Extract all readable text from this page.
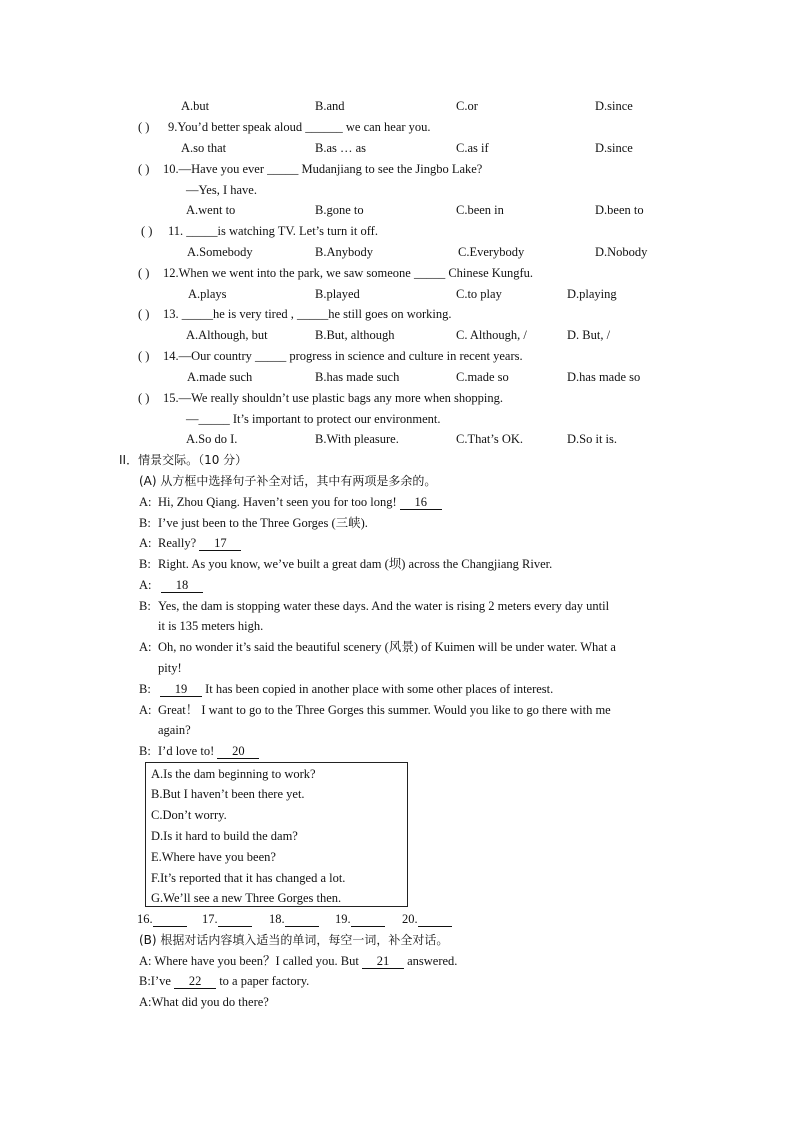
A.but	B.and	C.or	D.since
( ) 9.You’d better speak aloud ______ we can hear you.
A.so that	B.as … as	C.as if	D.since
( ) 10.—Have you ever _____ Mudanjiang to see the Jingbo Lake?
—Yes, I have.
A.went to	B.gone to	C.been in	D.been to
( ) 11. _____is watching TV. Let’s turn it off.
A.Somebody	B.Anybody	C.Everybody	D.Nobody
( ) 12.When we went into the park, we saw someone _____ Chinese Kungfu.
A.plays	B.played	C.to play	D.playing
( ) 13. _____he is very tired , _____he still goes on working.
A.Although, but	B.But, although	C. Although, /	D. But, /
( ) 14.—Our country _____ progress in science and culture in recent years.
A.made such	B.has made such	C.made so	D.has made so
( ) 15.—We really shouldn’t use plastic bags any more when shopping.
—_____ It’s important to protect our environment.
A.So do I.	B.With pleasure.	C.That’s OK.	D.So it is.
II．情景交际。（10 分）
(A) 从方框中选择句子补全对话，其中有两项是多余的。
A: Hi, Zhou Qiang. Haven’t seen you for too long! 16
B: I’ve just been to the Three Gorges (三峡).
A: Really? 17
B: Right. As you know, we’ve built a great dam (坝) across the Changjiang River.
A:	18
B: Yes, the dam is stopping water these days. And the water is rising 2 meters every day until
it is 135 meters high.
A: Oh, no wonder it’s said the beautiful scenery (风景) of Kuimen will be under water. What a
pity!
B:	19 It has been copied in another place with some other places of interest.
A: Great！ I want to go to the Three Gorges this summer. Would you like to go there with me
again?
B: I’d love to! 20
A.Is the dam beginning to work?
B.But I haven’t been there yet.
C.Don’t worry.
D.Is it hard to build the dam?
E.Where have you been?
F.It’s reported that it has changed a lot.
G.We’ll see a new Three Gorges then.
16.	17.	18.	19.	20.
(B) 根据对话内容填入适当的单词，每空一词，补全对话。
A: Where have you been？I called you. But 21 answered.
B:I’ve 22 to a paper factory.
A:What did you do there?
